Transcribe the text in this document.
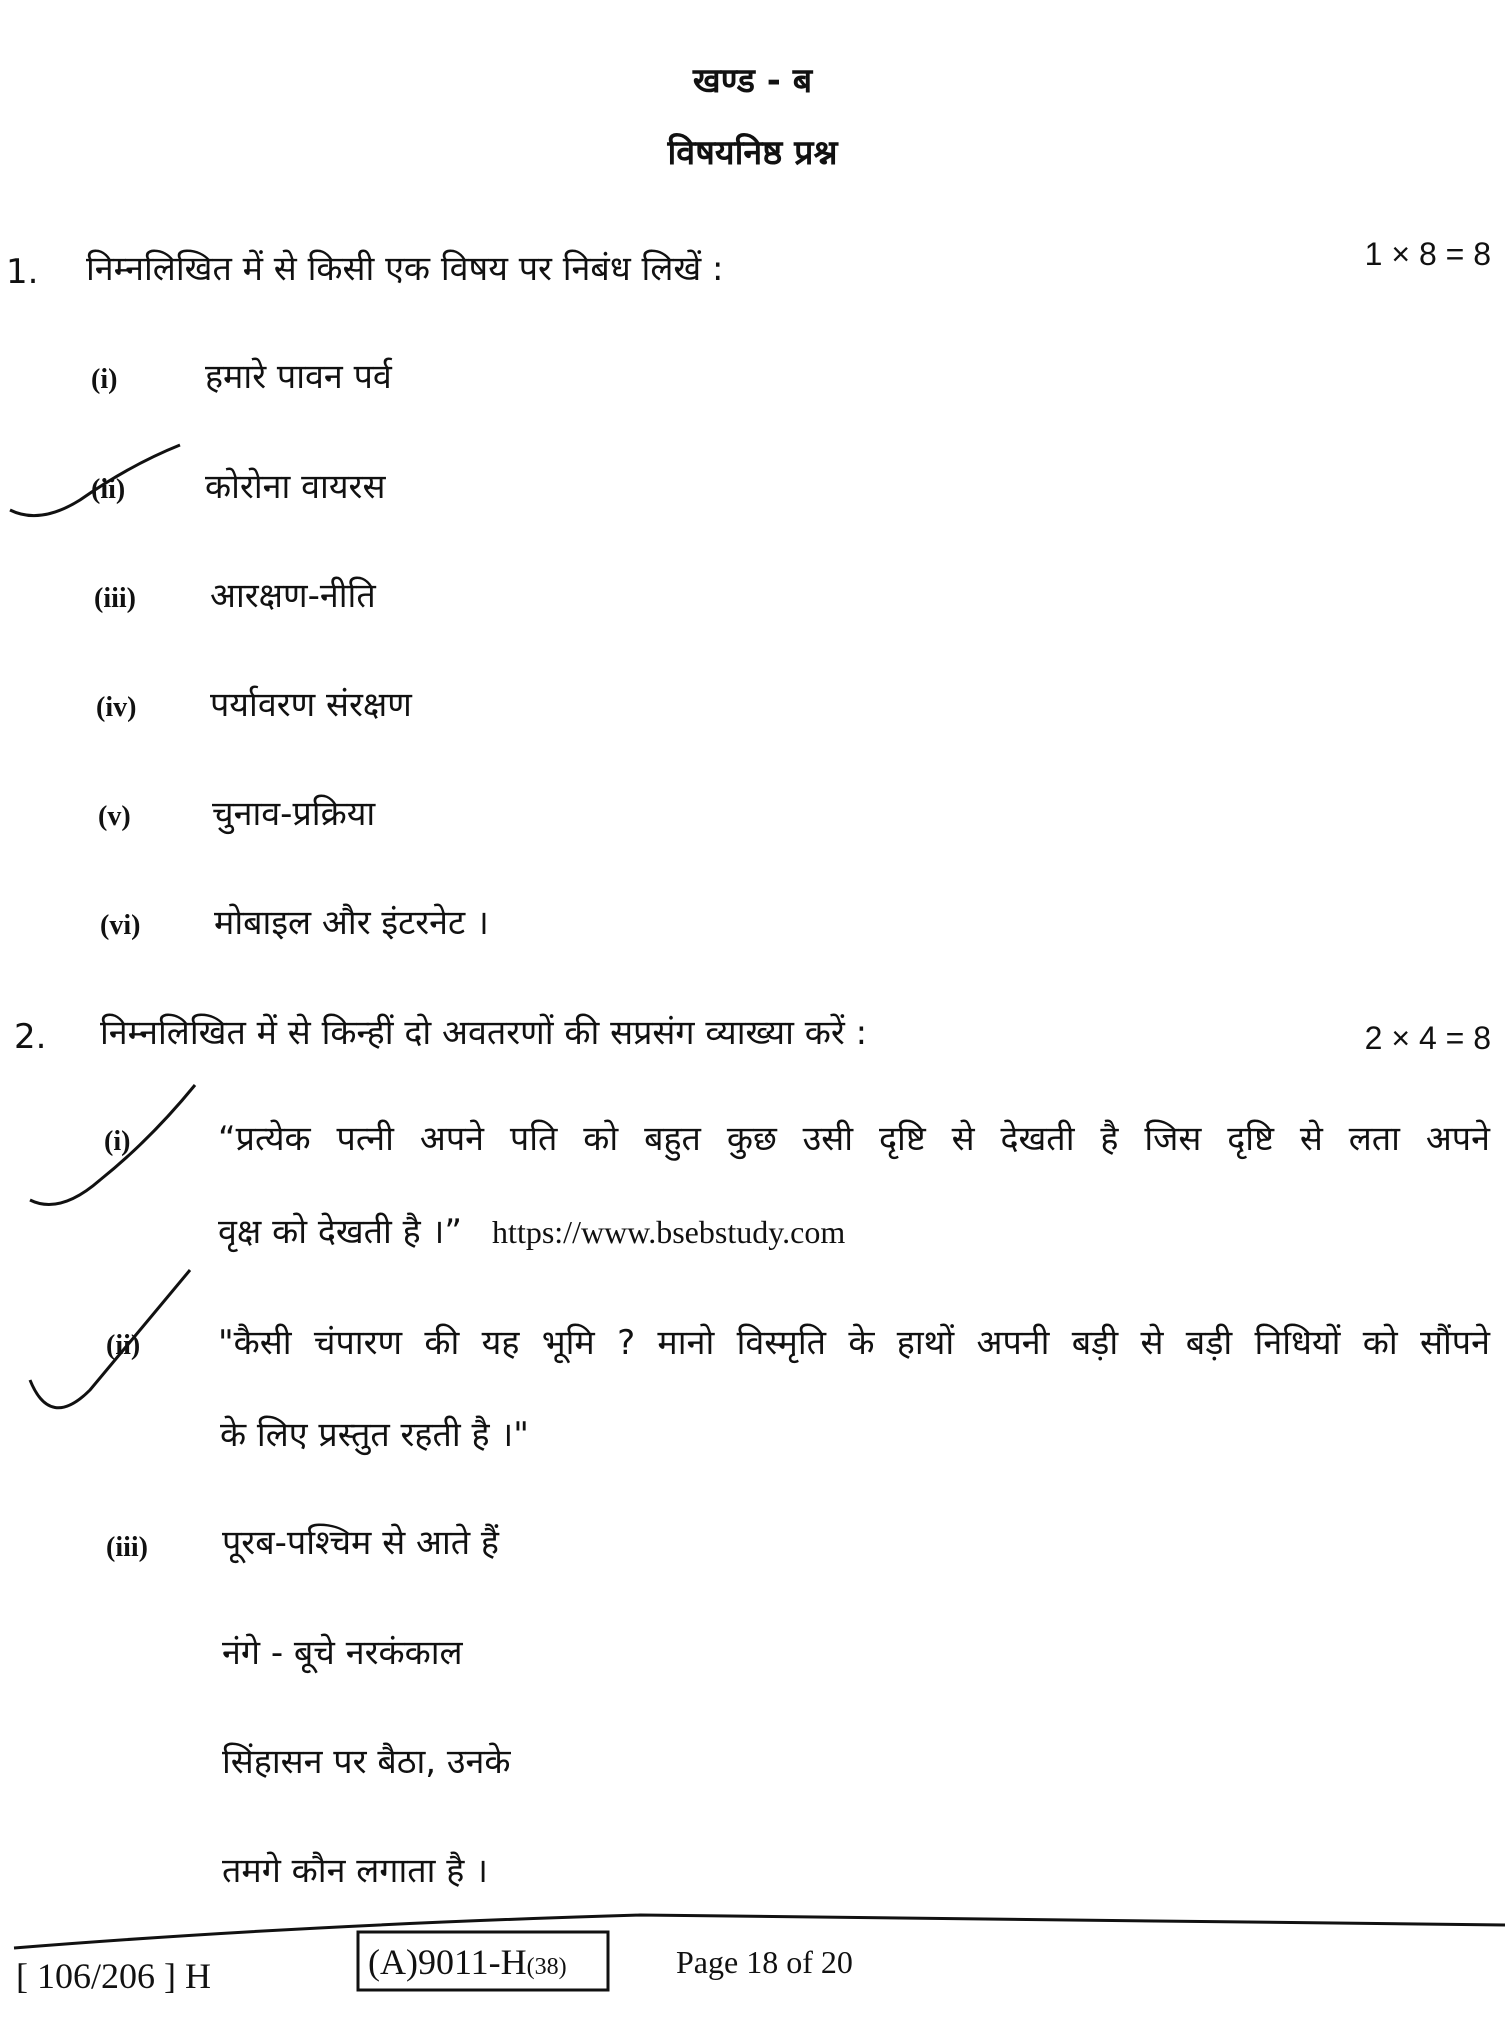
खण्ड - ब
विषयनिष्ठ प्रश्न
1. निम्नलिखित में से किसी एक विषय पर निबंध लिखें :	1 × 8 = 8
(i)	हमारे पावन पर्व
(ii) कोरोना वायरस
(iii) आरक्षण-नीति
(iv) पर्यावरण संरक्षण
(v) चुनाव-प्रक्रिया
(vi) मोबाइल और इंटरनेट ।
2. निम्नलिखित में से किन्हीं दो अवतरणों की सप्रसंग व्याख्या करें :	2 × 4 = 8
(i)	“प्रत्येक पत्नी अपने पति को बहुत कुछ उसी दृष्टि से देखती है जिस दृष्टि से लता अपने
वृक्ष को देखती है ।” https://www.bsebstudy.com
(ii) "कैसी चंपारण की यह भूमि ? मानो विस्मृति के हाथों अपनी बड़ी से बड़ी निधियों को सौंपने
के लिए प्रस्तुत रहती है ।"
(iii) पूरब-पश्चिम से आते हैं
नंगे - बूचे नरकंकाल
सिंहासन पर बैठा, उनके
तमगे कौन लगाता है ।
[ 106/206 ] H	(A)9011-H(38)	Page 18 of 20
